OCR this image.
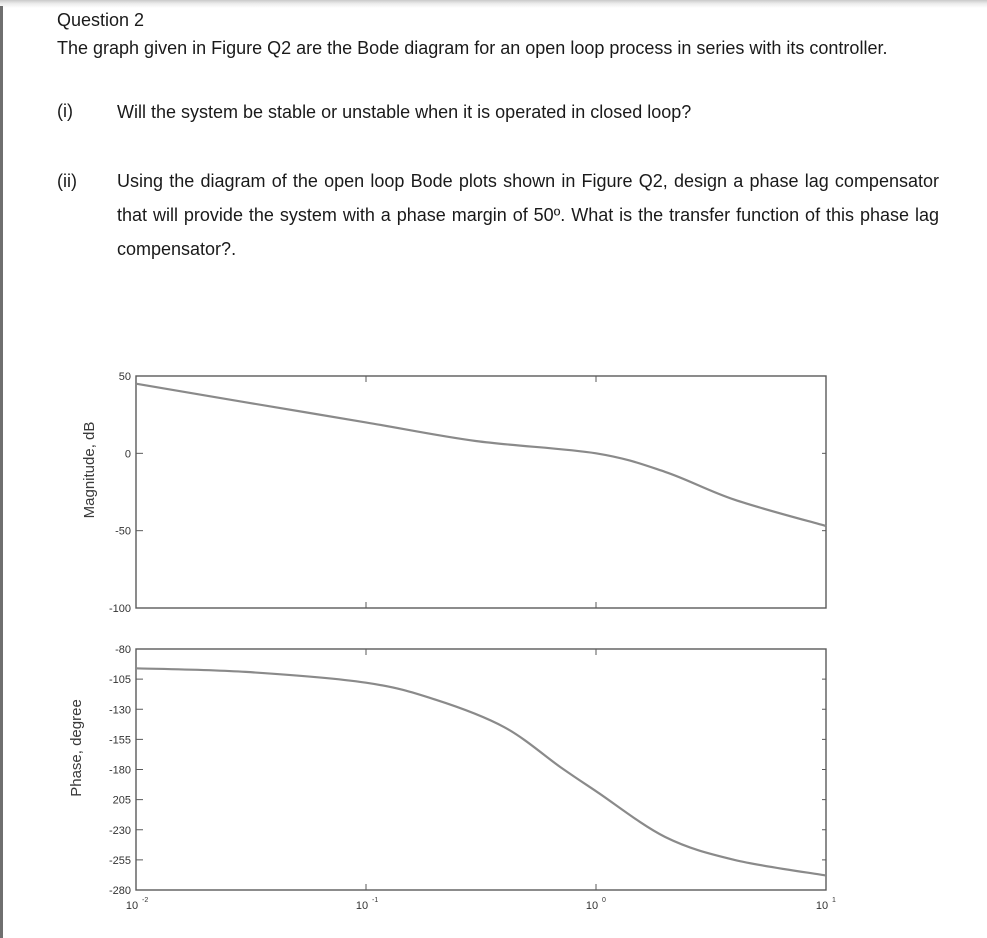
Question 2
The graph given in Figure Q2 are the Bode diagram for an open loop process in series with its controller.
(i) Will the system be stable or unstable when it is operated in closed loop?
(ii) Using the diagram of the open loop Bode plots shown in Figure Q2, design a phase lag compensator that will provide the system with a phase margin of 50º. What is the transfer function of this phase lag compensator?.
50
0
-50
-100
Magnitude, dB
-80
-105
-130
-155
-180
205
-230
-255
-280
10 -2	10 -1	10 0	10 1
Phase, degree
